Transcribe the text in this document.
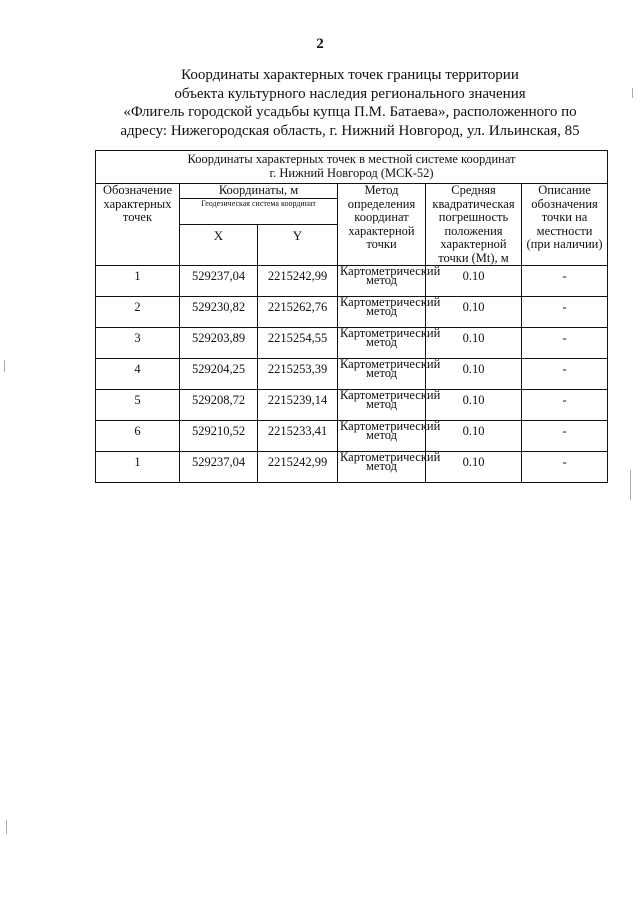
2
Координаты характерных точек границы территории
объекта культурного наследия регионального значения
«Флигель городской усадьбы купца П.М. Батаева», расположенного по
адресу: Нижегородская область, г. Нижний Новгород, ул. Ильинская, 85
Координаты характерных точек в местной системе координат
г. Нижний Новгород (МСК-52)					

Обозначение характерных точек	Координаты, м		Метод определения координат характерной точки	Средняя квадратическая погрешность положения характерной точки (Mt), м	Описание обозначения точки на местности (при наличии)
	Геодезическая система координат				
	X	Y			
1	529237,04	2215242,99	Картометрический метод	0.10	-
2	529230,82	2215262,76	Картометрический метод	0.10	-
3	529203,89	2215254,55	Картометрический метод	0.10	-
4	529204,25	2215253,39	Картометрический метод	0.10	-
5	529208,72	2215239,14	Картометрический метод	0.10	-
6	529210,52	2215233,41	Картометрический метод	0.10	-
1	529237,04	2215242,99	Картометрический метод	0.10	-
